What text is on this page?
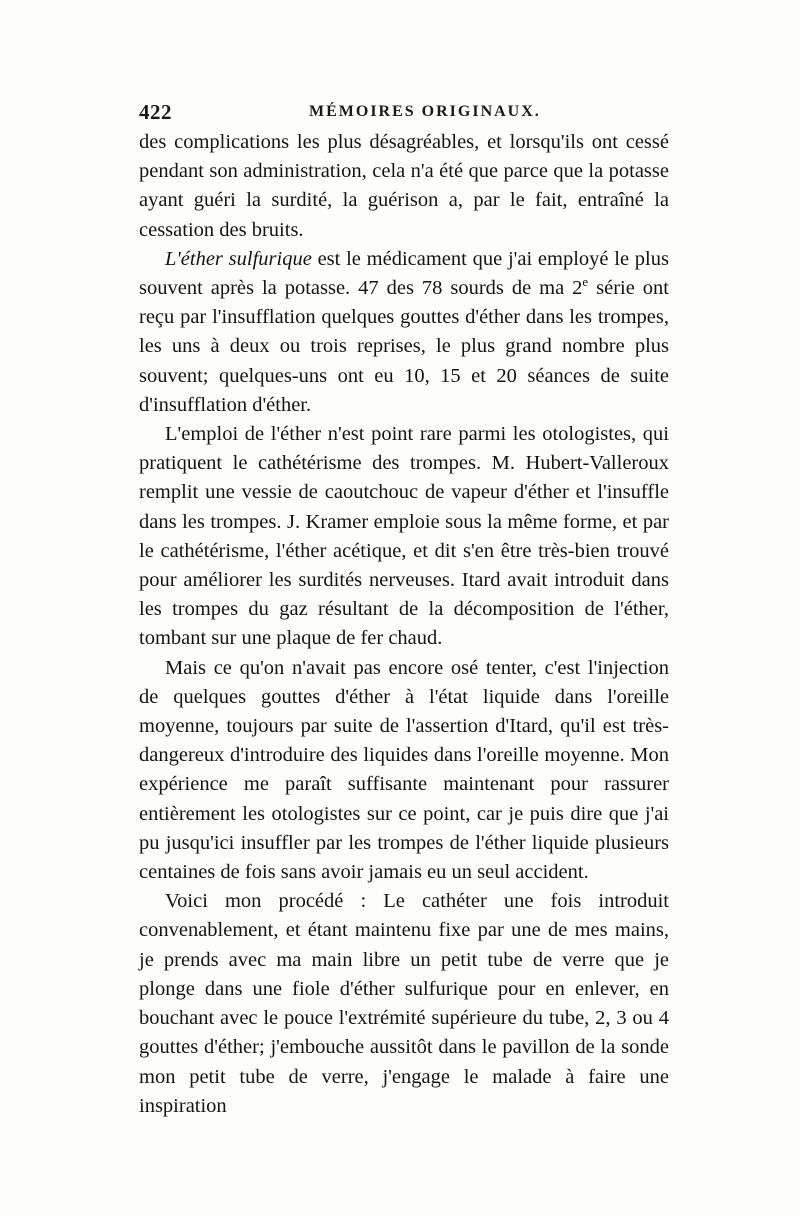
422	MÉMOIRES ORIGINAUX.

des complications les plus désagréables, et lorsqu'ils ont cessé pendant son administration, cela n'a été que parce que la potasse ayant guéri la surdité, la guérison a, par le fait, entraîné la cessation des bruits.

L'éther sulfurique est le médicament que j'ai employé le plus souvent après la potasse. 47 des 78 sourds de ma 2e série ont reçu par l'insufflation quelques gouttes d'éther dans les trompes, les uns à deux ou trois reprises, le plus grand nombre plus souvent; quelques-uns ont eu 10, 15 et 20 séances de suite d'insufflation d'éther.

L'emploi de l'éther n'est point rare parmi les otologistes, qui pratiquent le cathétérisme des trompes. M. Hubert-Valleroux remplit une vessie de caoutchouc de vapeur d'éther et l'insuffle dans les trompes. J. Kramer emploie sous la même forme, et par le cathétérisme, l'éther acétique, et dit s'en être très-bien trouvé pour améliorer les surdités nerveuses. Itard avait introduit dans les trompes du gaz résultant de la décomposition de l'éther, tombant sur une plaque de fer chaud.

Mais ce qu'on n'avait pas encore osé tenter, c'est l'injection de quelques gouttes d'éther à l'état liquide dans l'oreille moyenne, toujours par suite de l'assertion d'Itard, qu'il est très-dangereux d'introduire des liquides dans l'oreille moyenne. Mon expérience me paraît suffisante maintenant pour rassurer entièrement les otologistes sur ce point, car je puis dire que j'ai pu jusqu'ici insuffler par les trompes de l'éther liquide plusieurs centaines de fois sans avoir jamais eu un seul accident.

Voici mon procédé : Le cathéter une fois introduit convenablement, et étant maintenu fixe par une de mes mains, je prends avec ma main libre un petit tube de verre que je plonge dans une fiole d'éther sulfurique pour en enlever, en bouchant avec le pouce l'extrémité supérieure du tube, 2, 3 ou 4 gouttes d'éther; j'embouche aussitôt dans le pavillon de la sonde mon petit tube de verre, j'engage le malade à faire une inspiration
